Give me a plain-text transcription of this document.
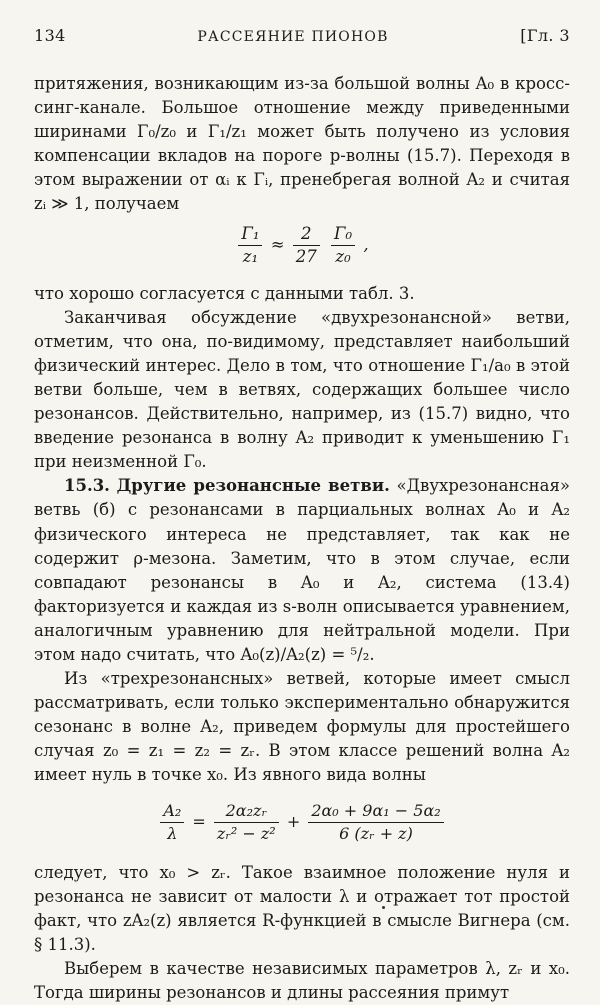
134	РАССЕЯНИЕ ПИОНОВ	[Гл. 3

притяжения, возникающим из-за большой волны A₀ в кросс-синг-канале. Большое отношение между приведенными ширинами Γ₀/z₀ и Γ₁/z₁ может быть получено из условия компенсации вкладов на пороге p-волны (15.7). Переходя в этом выражении от αᵢ к Γᵢ, пренебрегая волной A₂ и считая zᵢ ≫ 1, получаем

$\frac{\text{Γ₁}}{\text{z₁}} \approx \frac{2}{27}$
$\frac{\text{Γ₀}}{\text{z₀}}$ ,

что хорошо согласуется с данными табл. 3.

Заканчивая обсуждение «двухрезонансной» ветви, отметим, что она, по-видимому, представляет наибольший физический интерес. Дело в том, что отношение Γ₁/a₀ в этой ветви больше, чем в ветвях, содержащих большее число резонансов. Действительно, например, из (15.7) видно, что введение резонанса в волну A₂ приводит к уменьшению Γ₁ при неизменной Γ₀.

15.3. Другие резонансные ветви. «Двухрезонансная» ветвь (б) с резонансами в парциальных волнах A₀ и A₂ физического интереса не представляет, так как не содержит ρ-мезона. Заметим, что в этом случае, если совпадают резонансы в A₀ и A₂, система (13.4) факторизуется и каждая из s-волн описывается уравнением, аналогичным уравнению для нейтральной модели. При этом надо считать, что A₀(z)/A₂(z) = ⁵/₂.

Из «трехрезонансных» ветвей, которые имеет смысл рассматривать, если только экспериментально обнаружится сезонанс в волне A₂, приведем формулы для простейшего случая z₀ = z₁ = z₂ = zᵣ. В этом классе решений волна A₂ имеет нуль в точке x₀. Из явного вида волны

$\frac{\text{A₂}}{\lambda} = \frac{\text{2α₂zᵣ}}{\text{zᵣ² − z²}} + \frac{\text{2α₀ + 9α₁ − 5α₂}}{\text{6 (zᵣ + z)}}$

следует, что x₀ > zᵣ. Такое взаимное положение нуля и резонанса не зависит от малости λ и отражает тот простой факт, что zA₂(z) является R-функцией в смысле Вигнера (см. § 11.3).

Выберем в качестве независимых параметров λ, zᵣ и x₀. Тогда ширины резонансов и длины рассеяния примут
